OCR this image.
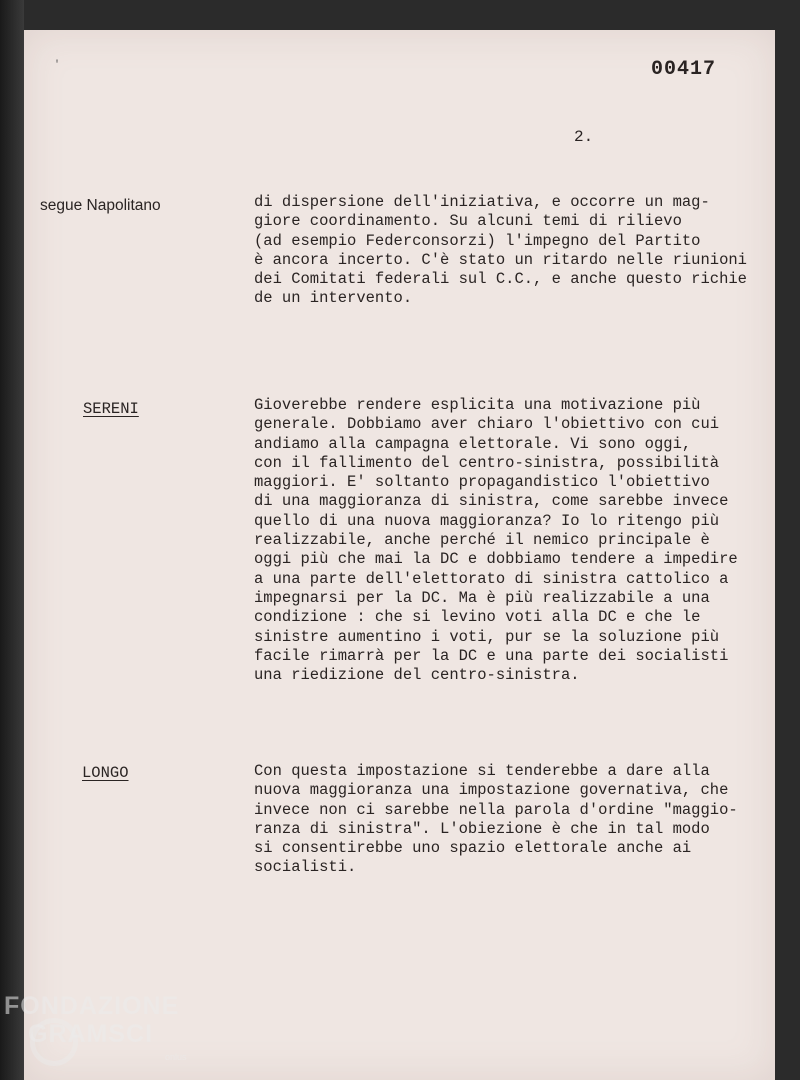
'	00417
2.
segue Napolitano	di dispersione dell'iniziativa, e occorre un mag-
giore coordinamento. Su alcuni temi di rilievo
(ad esempio Federconsorzi) l'impegno del Partito
è ancora incerto. C'è stato un ritardo nelle riunioni
dei Comitati federali sul C.C., e anche questo richie
de un intervento.
SERENI	Gioverebbe rendere esplicita una motivazione più
generale. Dobbiamo aver chiaro l'obiettivo con cui
andiamo alla campagna elettorale. Vi sono oggi,
con il fallimento del centro-sinistra, possibilità
maggiori. E' soltanto propagandistico l'obiettivo
di una maggioranza di sinistra, come sarebbe invece
quello di una nuova maggioranza? Io lo ritengo più
realizzabile, anche perché il nemico principale è
oggi più che mai la DC e dobbiamo tendere a impedire
a una parte dell'elettorato di sinistra cattolico a
impegnarsi per la DC. Ma è più realizzabile a una
condizione : che si levino voti alla DC e che le
sinistre aumentino i voti, pur se la soluzione più
facile rimarrà per la DC e una parte dei socialisti
una riedizione del centro-sinistra.
LONGO	Con questa impostazione si tenderebbe a dare alla
nuova maggioranza una impostazione governativa, che
invece non ci sarebbe nella parola d'ordine "maggio-
ranza di sinistra". L'obiezione è che in tal modo
si consentirebbe uno spazio elettorale anche ai
socialisti.
FONDAZIONE
GRAMSCI
onlus
